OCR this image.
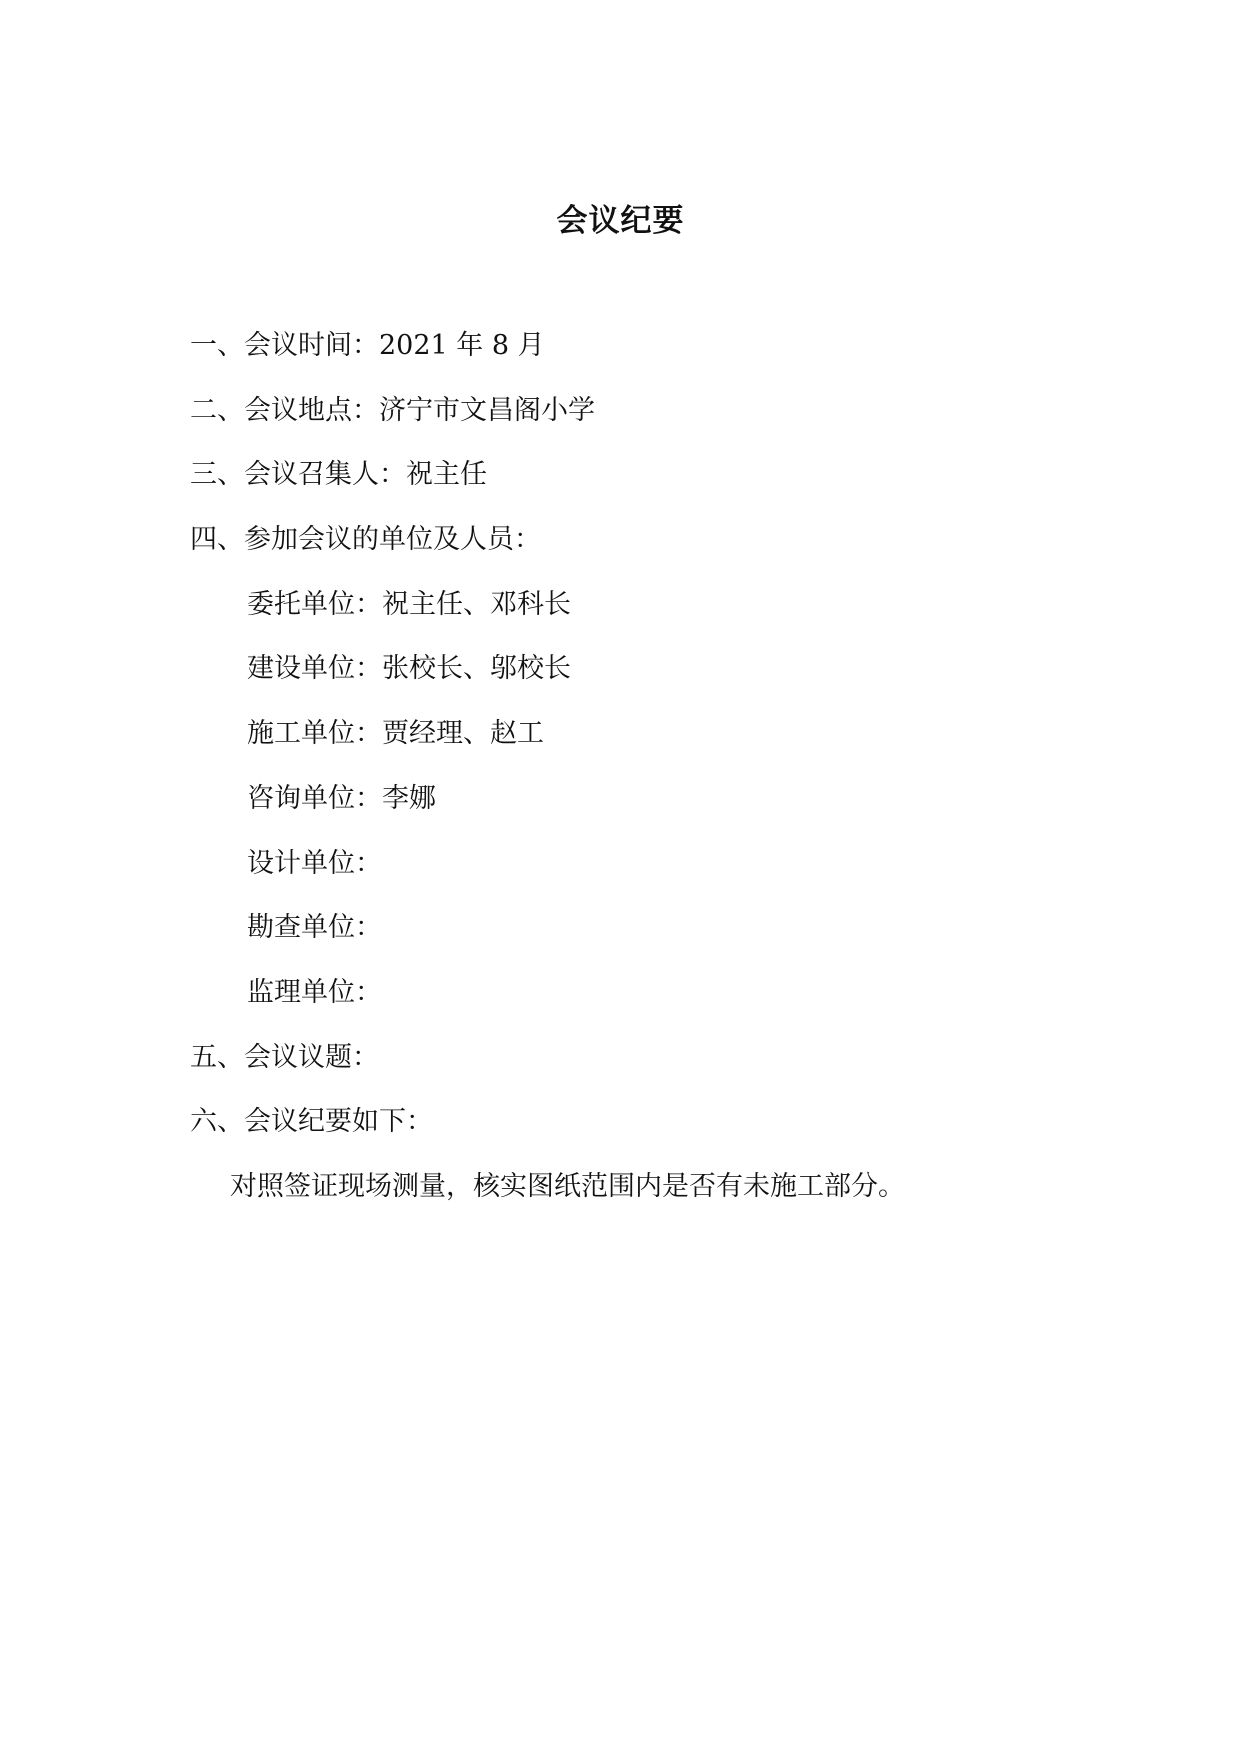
会议纪要
一、会议时间：2021 年 8 月
二、会议地点：济宁市文昌阁小学
三、会议召集人：祝主任
四、参加会议的单位及人员：
委托单位：祝主任、邓科长
建设单位：张校长、邬校长
施工单位：贾经理、赵工
咨询单位：李娜
设计单位：
勘查单位：
监理单位：
五、会议议题：
六、会议纪要如下：
对照签证现场测量，核实图纸范围内是否有未施工部分。
